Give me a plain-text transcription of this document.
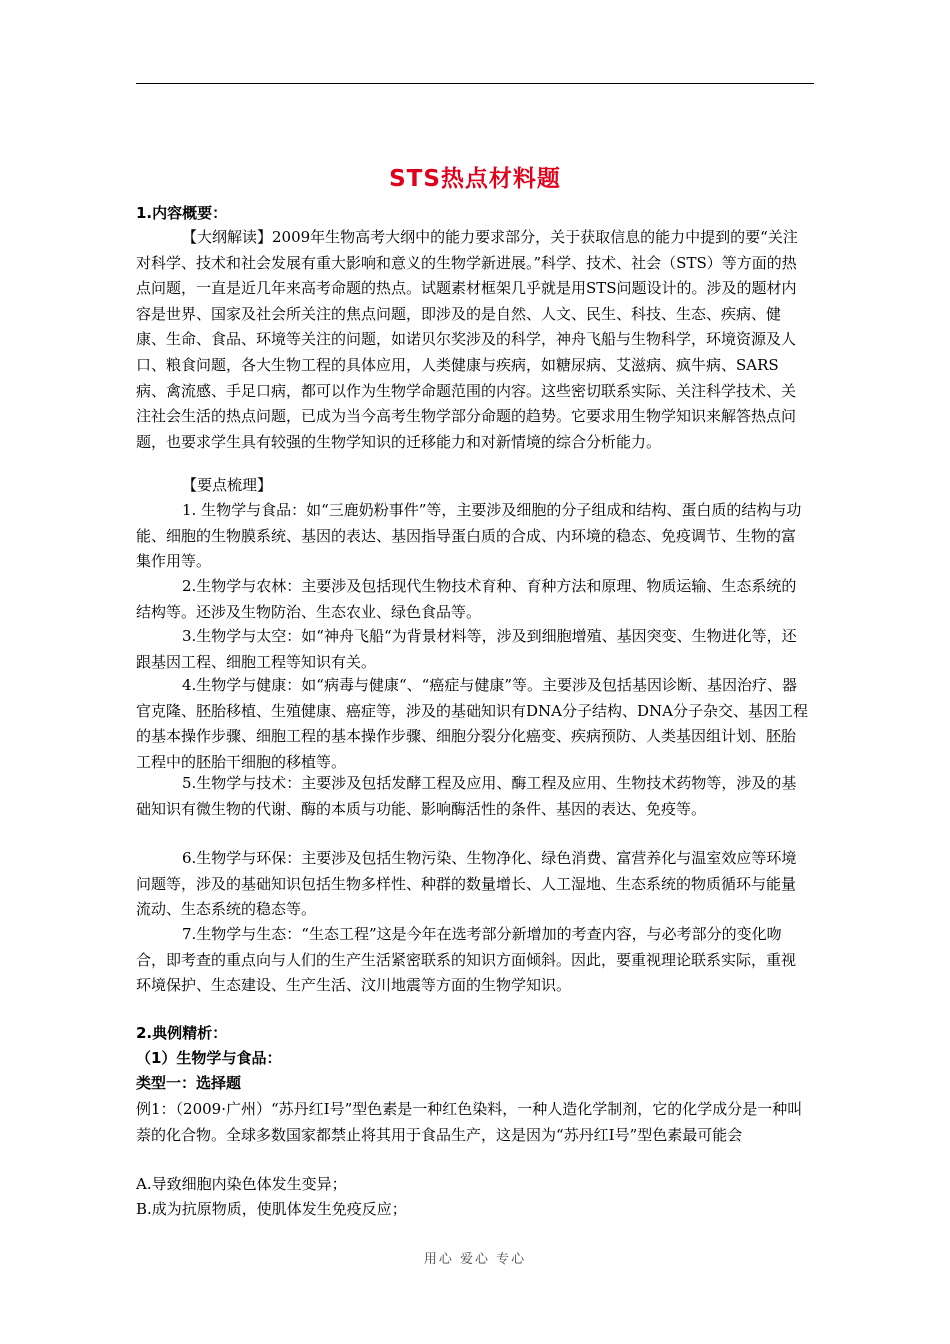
STS热点材料题
1.内容概要：

【大纲解读】2009年生物高考大纲中的能力要求部分，关于获取信息的能力中提到的要“关注对科学、技术和社会发展有重大影响和意义的生物学新进展。”科学、技术、社会（STS）等方面的热点问题，一直是近几年来高考命题的热点。试题素材框架几乎就是用STS问题设计的。涉及的题材内容是世界、国家及社会所关注的焦点问题，即涉及的是自然、人文、民生、科技、生态、疾病、健康、生命、食品、环境等关注的问题，如诺贝尔奖涉及的科学，神舟飞船与生物科学，环境资源及人口、粮食问题，各大生物工程的具体应用，人类健康与疾病，如糖尿病、艾滋病、疯牛病、SARS病、禽流感、手足口病，都可以作为生物学命题范围的内容。这些密切联系实际、关注科学技术、关注社会生活的热点问题，已成为当今高考生物学部分命题的趋势。它要求用生物学知识来解答热点问题，也要求学生具有较强的生物学知识的迁移能力和对新情境的综合分析能力。

【要点梳理】

1. 生物学与食品：如“三鹿奶粉事件”等，主要涉及细胞的分子组成和结构、蛋白质的结构与功能、细胞的生物膜系统、基因的表达、基因指导蛋白质的合成、内环境的稳态、免疫调节、生物的富集作用等。

2.生物学与农林：主要涉及包括现代生物技术育种、育种方法和原理、物质运输、生态系统的结构等。还涉及生物防治、生态农业、绿色食品等。

3.生物学与太空：如“神舟飞船“为背景材料等，涉及到细胞增殖、基因突变、生物进化等，还跟基因工程、细胞工程等知识有关。

4.生物学与健康：如“病毒与健康“、“癌症与健康”等。主要涉及包括基因诊断、基因治疗、器官克隆、胚胎移植、生殖健康、癌症等，涉及的基础知识有DNA分子结构、DNA分子杂交、基因工程的基本操作步骤、细胞工程的基本操作步骤、细胞分裂分化癌变、疾病预防、人类基因组计划、胚胎工程中的胚胎干细胞的移植等。

5.生物学与技术：主要涉及包括发酵工程及应用、酶工程及应用、生物技术药物等，涉及的基础知识有微生物的代谢、酶的本质与功能、影响酶活性的条件、基因的表达、免疫等。

6.生物学与环保：主要涉及包括生物污染、生物净化、绿色消费、富营养化与温室效应等环境问题等，涉及的基础知识包括生物多样性、种群的数量增长、人工湿地、生态系统的物质循环与能量流动、生态系统的稳态等。

7.生物学与生态：“生态工程”这是今年在选考部分新增加的考查内容，与必考部分的变化吻合，即考查的重点向与人们的生产生活紧密联系的知识方面倾斜。因此，要重视理论联系实际，重视环境保护、生态建设、生产生活、汶川地震等方面的生物学知识。

2.典例精析：
（1）生物学与食品：
类型一：选择题

例1：（2009·广州）“苏丹红Ⅰ号”型色素是一种红色染料，一种人造化学制剂，它的化学成分是一种叫萘的化合物。全球多数国家都禁止将其用于食品生产，这是因为“苏丹红Ⅰ号”型色素最可能会

A.导致细胞内染色体发生变异；

B.成为抗原物质，使肌体发生免疫反应；

用心 爱心 专心
